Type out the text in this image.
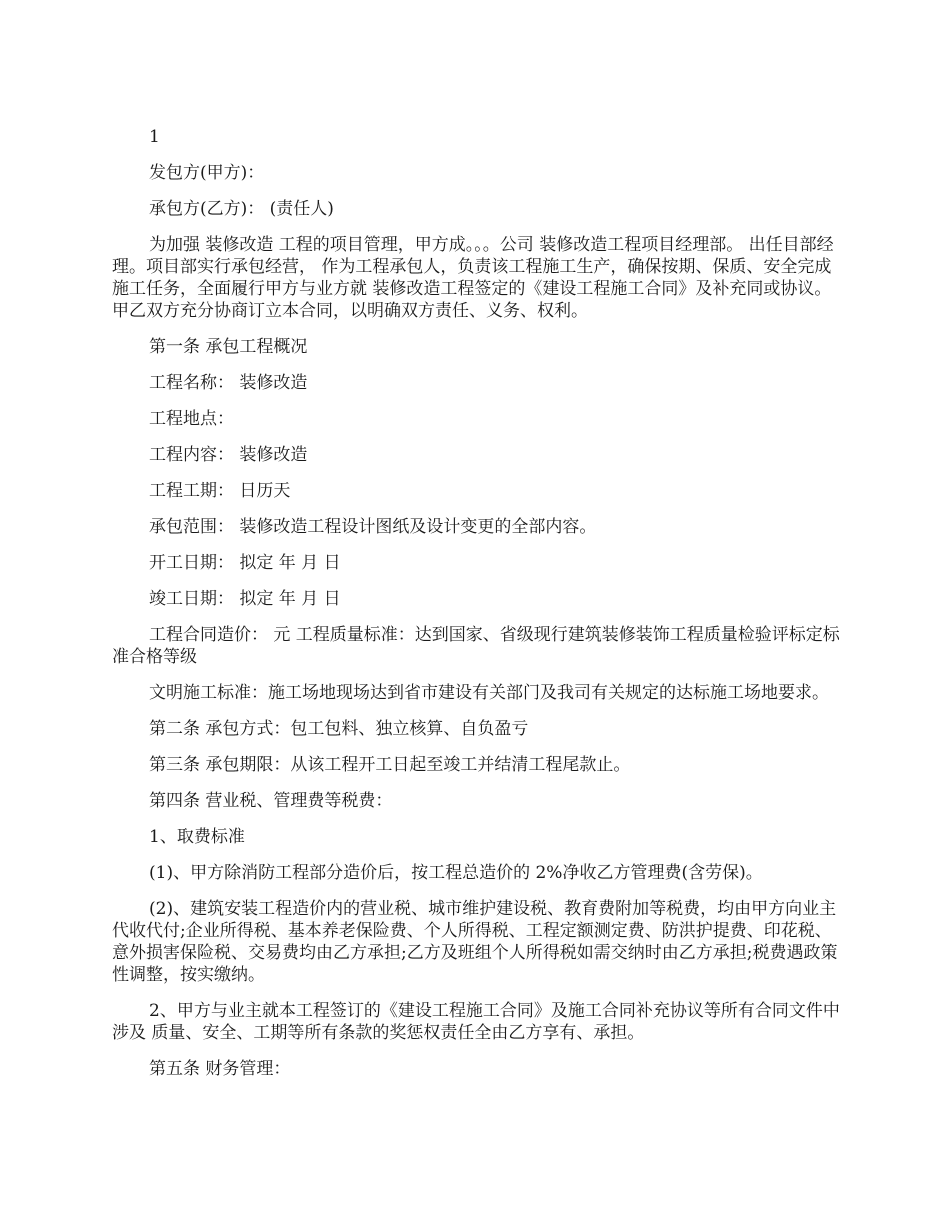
1

发包方(甲方)：

承包方(乙方)： (责任人)

为加强 装修改造 工程的项目管理，甲方成。。。公司 装修改造工程项目经理部。 出任目部经理。项目部实行承包经营， 作为工程承包人，负责该工程施工生产，确保按期、保质、安全完成施工任务，全面履行甲方与业方就 装修改造工程签定的《建设工程施工合同》及补充同或协议。甲乙双方充分协商订立本合同，以明确双方责任、义务、权利。

第一条 承包工程概况

工程名称： 装修改造

工程地点：

工程内容： 装修改造

工程工期： 日历天

承包范围： 装修改造工程设计图纸及设计变更的全部内容。

开工日期： 拟定 年 月 日

竣工日期： 拟定 年 月 日

工程合同造价： 元 工程质量标准：达到国家、省级现行建筑装修装饰工程质量检验评标定标准合格等级

文明施工标准：施工场地现场达到省市建设有关部门及我司有关规定的达标施工场地要求。

第二条 承包方式：包工包料、独立核算、自负盈亏

第三条 承包期限：从该工程开工日起至竣工并结清工程尾款止。

第四条 营业税、管理费等税费：

1、取费标准

(1)、甲方除消防工程部分造价后，按工程总造价的 2%净收乙方管理费(含劳保)。

(2)、建筑安装工程造价内的营业税、城市维护建设税、教育费附加等税费，均由甲方向业主代收代付;企业所得税、基本养老保险费、个人所得税、工程定额测定费、防洪护提费、印花税、意外损害保险税、交易费均由乙方承担;乙方及班组个人所得税如需交纳时由乙方承担;税费遇政策性调整，按实缴纳。

2、甲方与业主就本工程签订的《建设工程施工合同》及施工合同补充协议等所有合同文件中涉及 质量、安全、工期等所有条款的奖惩权责任全由乙方享有、承担。

第五条 财务管理：
